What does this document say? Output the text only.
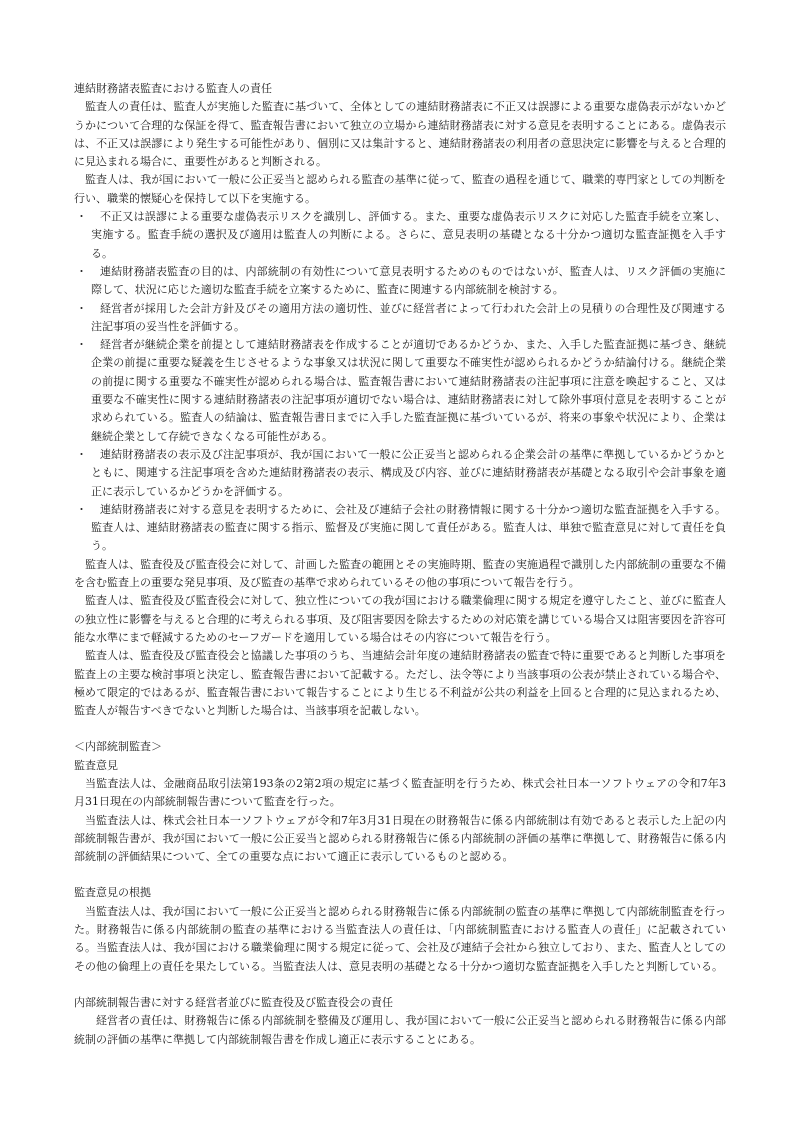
連結財務諸表監査における監査人の責任

監査人の責任は、監査人が実施した監査に基づいて、全体としての連結財務諸表に不正又は誤謬による重要な虚偽表示がないかどうかについて合理的な保証を得て、監査報告書において独立の立場から連結財務諸表に対する意見を表明することにある。虚偽表示は、不正又は誤謬により発生する可能性があり、個別に又は集計すると、連結財務諸表の利用者の意思決定に影響を与えると合理的に見込まれる場合に、重要性があると判断される。

監査人は、我が国において一般に公正妥当と認められる監査の基準に従って、監査の過程を通じて、職業的専門家としての判断を行い、職業的懐疑心を保持して以下を実施する。

・	不正又は誤謬による重要な虚偽表示リスクを識別し、評価する。また、重要な虚偽表示リスクに対応した監査手続を立案し、実施する。監査手続の選択及び適用は監査人の判断による。さらに、意見表明の基礎となる十分かつ適切な監査証拠を入手する。
・	連結財務諸表監査の目的は、内部統制の有効性について意見表明するためのものではないが、監査人は、リスク評価の実施に際して、状況に応じた適切な監査手続を立案するために、監査に関連する内部統制を検討する。
・	経営者が採用した会計方針及びその適用方法の適切性、並びに経営者によって行われた会計上の見積りの合理性及び関連する注記事項の妥当性を評価する。
・	経営者が継続企業を前提として連結財務諸表を作成することが適切であるかどうか、また、入手した監査証拠に基づき、継続企業の前提に重要な疑義を生じさせるような事象又は状況に関して重要な不確実性が認められるかどうか結論付ける。継続企業の前提に関する重要な不確実性が認められる場合は、監査報告書において連結財務諸表の注記事項に注意を喚起すること、又は重要な不確実性に関する連結財務諸表の注記事項が適切でない場合は、連結財務諸表に対して除外事項付意見を表明することが求められている。監査人の結論は、監査報告書日までに入手した監査証拠に基づいているが、将来の事象や状況により、企業は継続企業として存続できなくなる可能性がある。
・	連結財務諸表の表示及び注記事項が、我が国において一般に公正妥当と認められる企業会計の基準に準拠しているかどうかとともに、関連する注記事項を含めた連結財務諸表の表示、構成及び内容、並びに連結財務諸表が基礎となる取引や会計事象を適正に表示しているかどうかを評価する。
・	連結財務諸表に対する意見を表明するために、会社及び連結子会社の財務情報に関する十分かつ適切な監査証拠を入手する。監査人は、連結財務諸表の監査に関する指示、監督及び実施に関して責任がある。監査人は、単独で監査意見に対して責任を負う。

監査人は、監査役及び監査役会に対して、計画した監査の範囲とその実施時期、監査の実施過程で識別した内部統制の重要な不備を含む監査上の重要な発見事項、及び監査の基準で求められているその他の事項について報告を行う。

監査人は、監査役及び監査役会に対して、独立性についての我が国における職業倫理に関する規定を遵守したこと、並びに監査人の独立性に影響を与えると合理的に考えられる事項、及び阻害要因を除去するための対応策を講じている場合又は阻害要因を許容可能な水準にまで軽減するためのセーフガードを適用している場合はその内容について報告を行う。

監査人は、監査役及び監査役会と協議した事項のうち、当連結会計年度の連結財務諸表の監査で特に重要であると判断した事項を監査上の主要な検討事項と決定し、監査報告書において記載する。ただし、法令等により当該事項の公表が禁止されている場合や、極めて限定的ではあるが、監査報告書において報告することにより生じる不利益が公共の利益を上回ると合理的に見込まれるため、監査人が報告すべきでないと判断した場合は、当該事項を記載しない。

＜内部統制監査＞

監査意見

当監査法人は、金融商品取引法第193条の2第2項の規定に基づく監査証明を行うため、株式会社日本一ソフトウェアの令和7年3月31日現在の内部統制報告書について監査を行った。

当監査法人は、株式会社日本一ソフトウェアが令和7年3月31日現在の財務報告に係る内部統制は有効であると表示した上記の内部統制報告書が、我が国において一般に公正妥当と認められる財務報告に係る内部統制の評価の基準に準拠して、財務報告に係る内部統制の評価結果について、全ての重要な点において適正に表示しているものと認める。

監査意見の根拠

当監査法人は、我が国において一般に公正妥当と認められる財務報告に係る内部統制の監査の基準に準拠して内部統制監査を行った。財務報告に係る内部統制の監査の基準における当監査法人の責任は、「内部統制監査における監査人の責任」に記載されている。当監査法人は、我が国における職業倫理に関する規定に従って、会社及び連結子会社から独立しており、また、監査人としてのその他の倫理上の責任を果たしている。当監査法人は、意見表明の基礎となる十分かつ適切な監査証拠を入手したと判断している。

内部統制報告書に対する経営者並びに監査役及び監査役会の責任

経営者の責任は、財務報告に係る内部統制を整備及び運用し、我が国において一般に公正妥当と認められる財務報告に係る内部統制の評価の基準に準拠して内部統制報告書を作成し適正に表示することにある。
